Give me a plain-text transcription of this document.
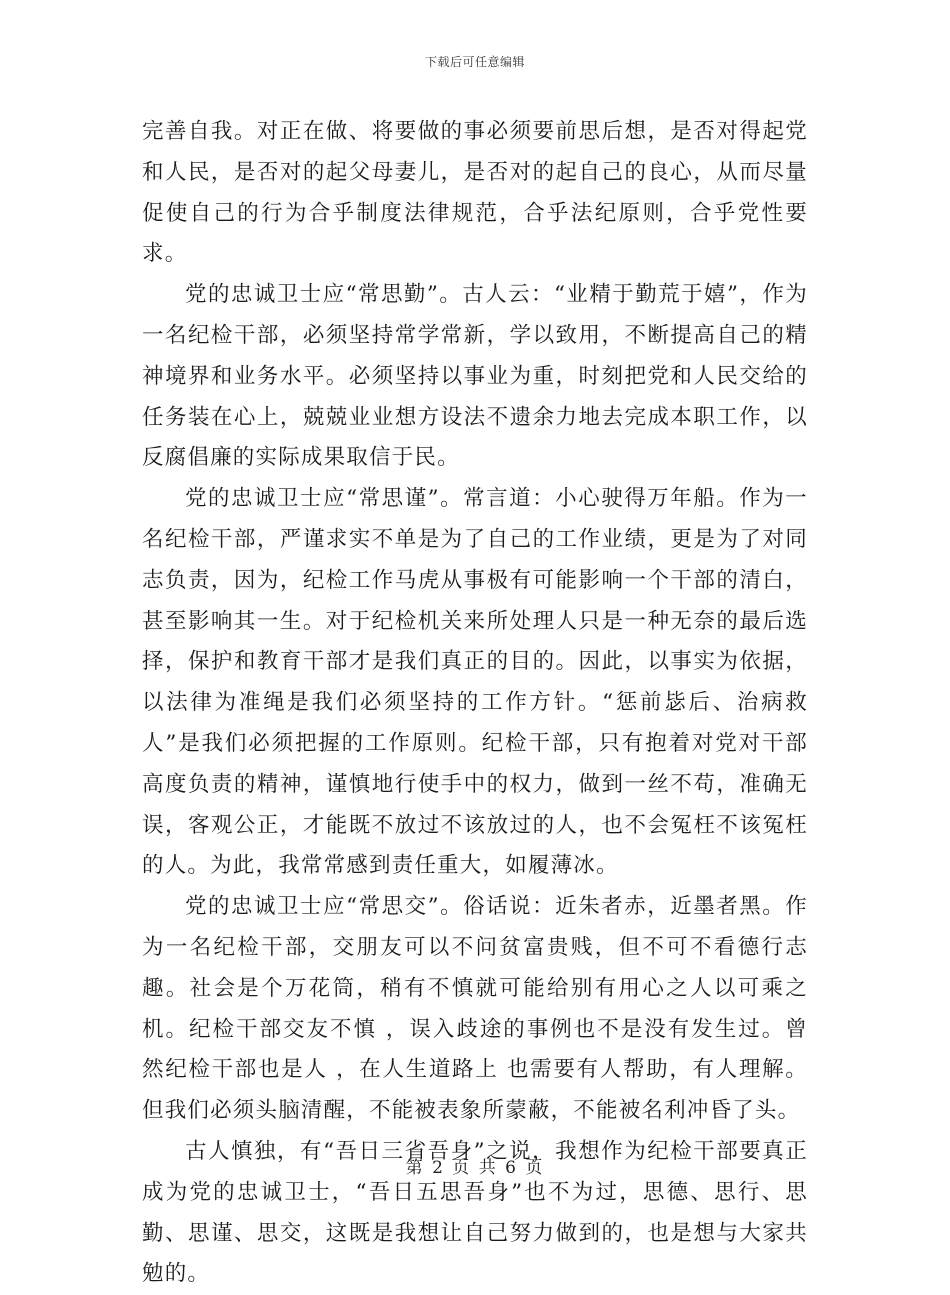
下载后可任意编辑

完善自我。对正在做、将要做的事必须要前思后想，是否对得起党和人民，是否对的起父母妻儿，是否对的起自己的良心，从而尽量促使自己的行为合乎制度法律规范，合乎法纪原则，合乎党性要求。

党的忠诚卫士应“常思勤”。古人云：“业精于勤荒于嬉”，作为一名纪检干部，必须坚持常学常新，学以致用，不断提高自己的精神境界和业务水平。必须坚持以事业为重，时刻把党和人民交给的任务装在心上，兢兢业业想方设法不遗余力地去完成本职工作，以反腐倡廉的实际成果取信于民。

党的忠诚卫士应“常思谨”。常言道：小心驶得万年船。作为一名纪检干部，严谨求实不单是为了自己的工作业绩，更是为了对同志负责，因为，纪检工作马虎从事极有可能影响一个干部的清白，甚至影响其一生。对于纪检机关来所处理人只是一种无奈的最后选择，保护和教育干部才是我们真正的目的。因此，以事实为依据，以法律为准绳是我们必须坚持的工作方针。“惩前毖后、治病救人”是我们必须把握的工作原则。纪检干部，只有抱着对党对干部高度负责的精神，谨慎地行使手中的权力，做到一丝不苟，准确无误，客观公正，才能既不放过不该放过的人，也不会冤枉不该冤枉的人。为此，我常常感到责任重大，如履薄冰。

党的忠诚卫士应“常思交”。俗话说：近朱者赤，近墨者黑。作为一名纪检干部，交朋友可以不问贫富贵贱，但不可不看德行志趣。社会是个万花筒，稍有不慎就可能给别有用心之人以可乘之机。纪检干部交友不慎 ，误入歧途的事例也不是没有发生过。曾然纪检干部也是人 ，在人生道路上 也需要有人帮助，有人理解。但我们必须头脑清醒，不能被表象所蒙蔽，不能被名利冲昏了头。

古人慎独，有“吾日三省吾身”之说，我想作为纪检干部要真正成为党的忠诚卫士，“吾日五思吾身”也不为过，思德、思行、思勤、思谨、思交，这既是我想让自己努力做到的，也是想与大家共勉的。

第 2 页 共 6 页
